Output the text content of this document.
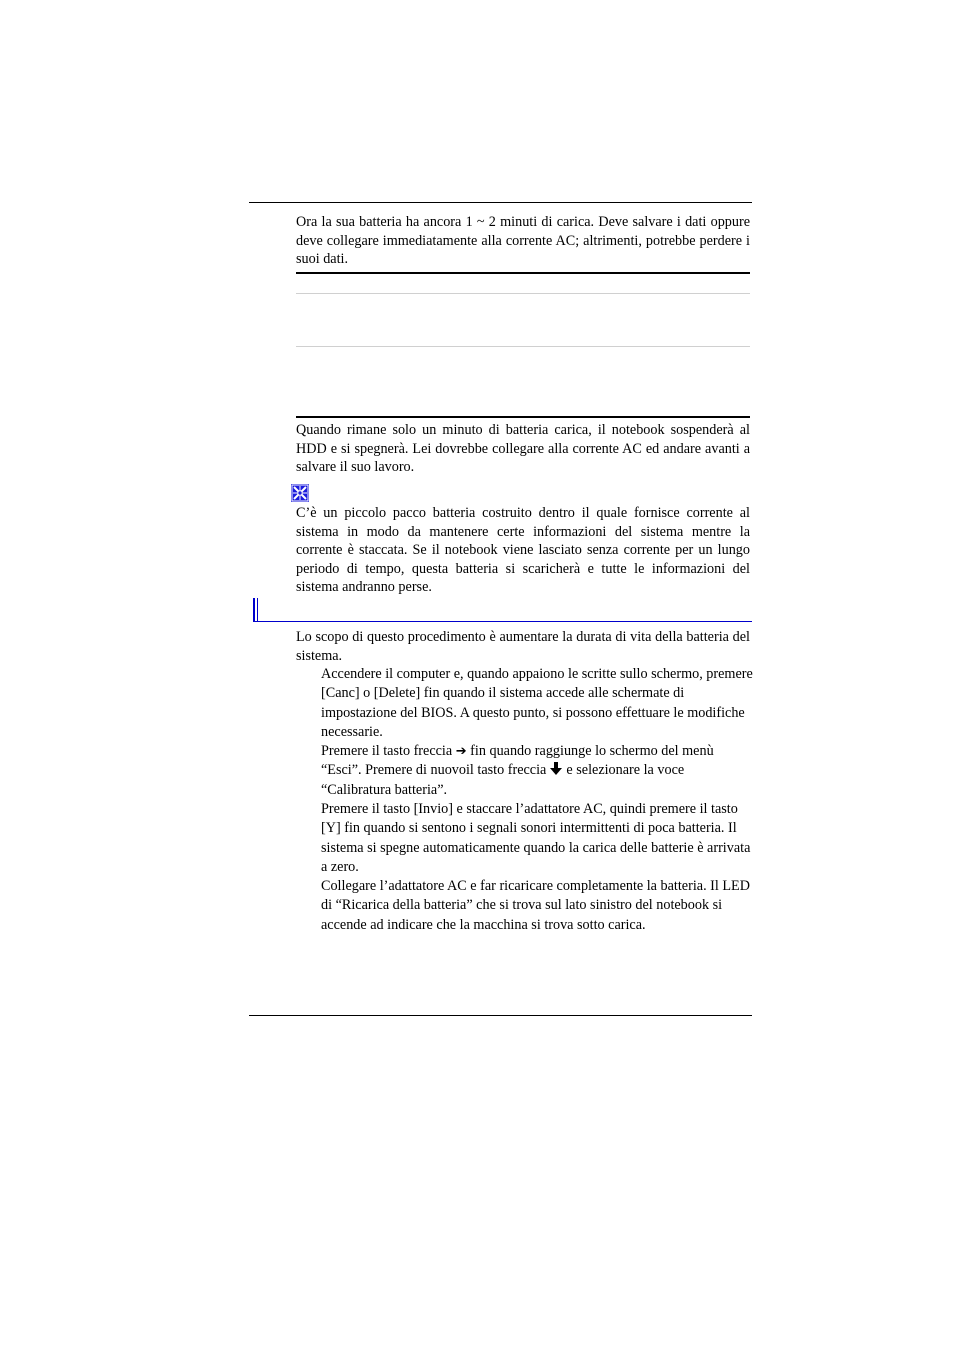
Ora la sua batteria ha ancora 1 ~ 2 minuti di carica. Deve salvare i dati oppure deve collegare immediatamente alla corrente AC; altrimenti, potrebbe perdere i suoi dati.

Quando rimane solo un minuto di batteria carica, il notebook sospenderà al HDD e si spegnerà. Lei dovrebbe collegare alla corrente AC ed andare avanti a salvare il suo lavoro.

C’è un piccolo pacco batteria costruito dentro il quale fornisce corrente al sistema in modo da mantenere certe informazioni del sistema mentre la corrente è staccata. Se il notebook viene lasciato senza corrente per un lungo periodo di tempo, questa batteria si scaricherà e tutte le informazioni del sistema andranno perse.

Lo scopo di questo procedimento è aumentare la durata di vita della batteria del sistema.

Accendere il computer e, quando appaiono le scritte sullo schermo, premere [Canc] o [Delete] fin quando il sistema accede alle schermate di impostazione del BIOS. A questo punto, si possono effettuare le modifiche necessarie.
Premere il tasto freccia ➔ fin quando raggiunge lo schermo del menù “Esci”. Premere di nuovoil tasto freccia e selezionare la voce “Calibratura batteria”.
Premere il tasto [Invio] e staccare l’adattatore AC, quindi premere il tasto [Y] fin quando si sentono i segnali sonori intermittenti di poca batteria. Il sistema si spegne automaticamente quando la carica delle batterie è arrivata a zero.
Collegare l’adattatore AC e far ricaricare completamente la batteria. Il LED di “Ricarica della batteria” che si trova sul lato sinistro del notebook si accende ad indicare che la macchina si trova sotto carica.
